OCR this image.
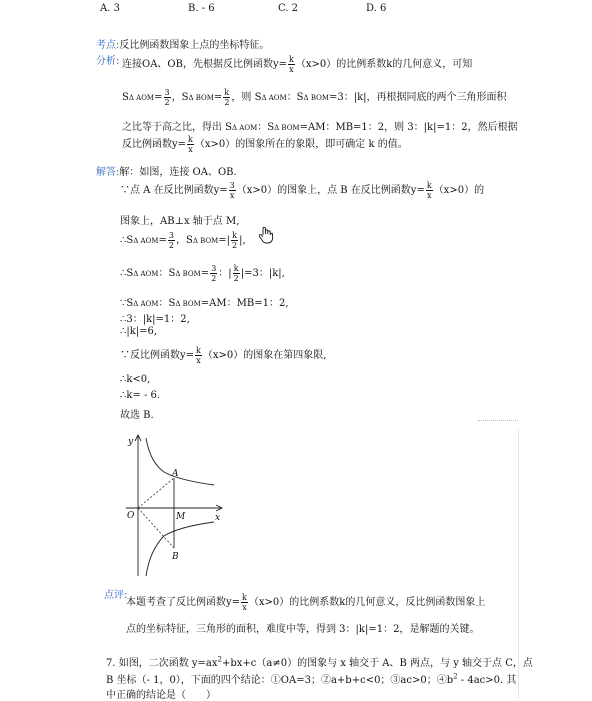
A. 3	B. - 6	C. 2	D. 6
考点:反比例函数图象上点的坐标特征。
分析: 连接OA、OB，先根据反比例函数$y= \frac{k}{x} (x>0)$的比例系数k的几何意义，可知
SΔ $AOM= \frac{3}{2}$ ，SΔ $BOM= \frac{k}{2}$ ，则 SΔ AOM：SΔ BOM=3：|k|，再根据同底的两个三角形面积
之比等于高之比，得出 SΔ AOM：SΔ BOM=AM：MB=1：2，则 3：|k|=1：2，然后根据
反比例函数$y= \frac{k}{x} (x>0)$的图象所在的象限，即可确定 k 的值。
解答:解：如图，连接 OA、OB.
∵点 A 在反比例函数$y= \frac{3}{x} (x>0)$的图象上，点 B 在反比例函数$y= \frac{k}{x} (x>0)$的
图象上，AB⊥x 轴于点 M,
∴SΔ $AOM= \frac{3}{2}$ ，SΔ $BOM=| \frac{k}{2}$ |,
∴SΔ AOM：SΔ $BOM= \frac{3}{2}$ ：| $\frac{k}{2} |=3$：|k|,
∵SΔ AOM：SΔ BOM=AM：MB=1：2,
∴3：|k|=1：2,
∴|k|=6,
∵反比例函数$y= \frac{k}{x} (x>0)$的图象在第四象限,
∴k<0,
∴k= - 6.
故选 B.
y
x
O
A
M
B
点评:
本题考查了反比例函数$y= \frac{k}{x} (x>0)$的比例系数k的几何意义，反比例函数图象上
点的坐标特征，三角形的面积，难度中等，得到 3：|k|=1：2，是解题的关键。
7. 如图，二次函数 $y=ax^2+bx+c(a\ne 0)$的图象与 x 轴交于 A、B 两点，与 y 轴交于点 C，点
B 坐标（- 1，0），下面的四个结论：①OA=3；②a+b+c<0；③ac>0；$④b^2 - 4ac>0$. 其
中正确的结论是（　　）
